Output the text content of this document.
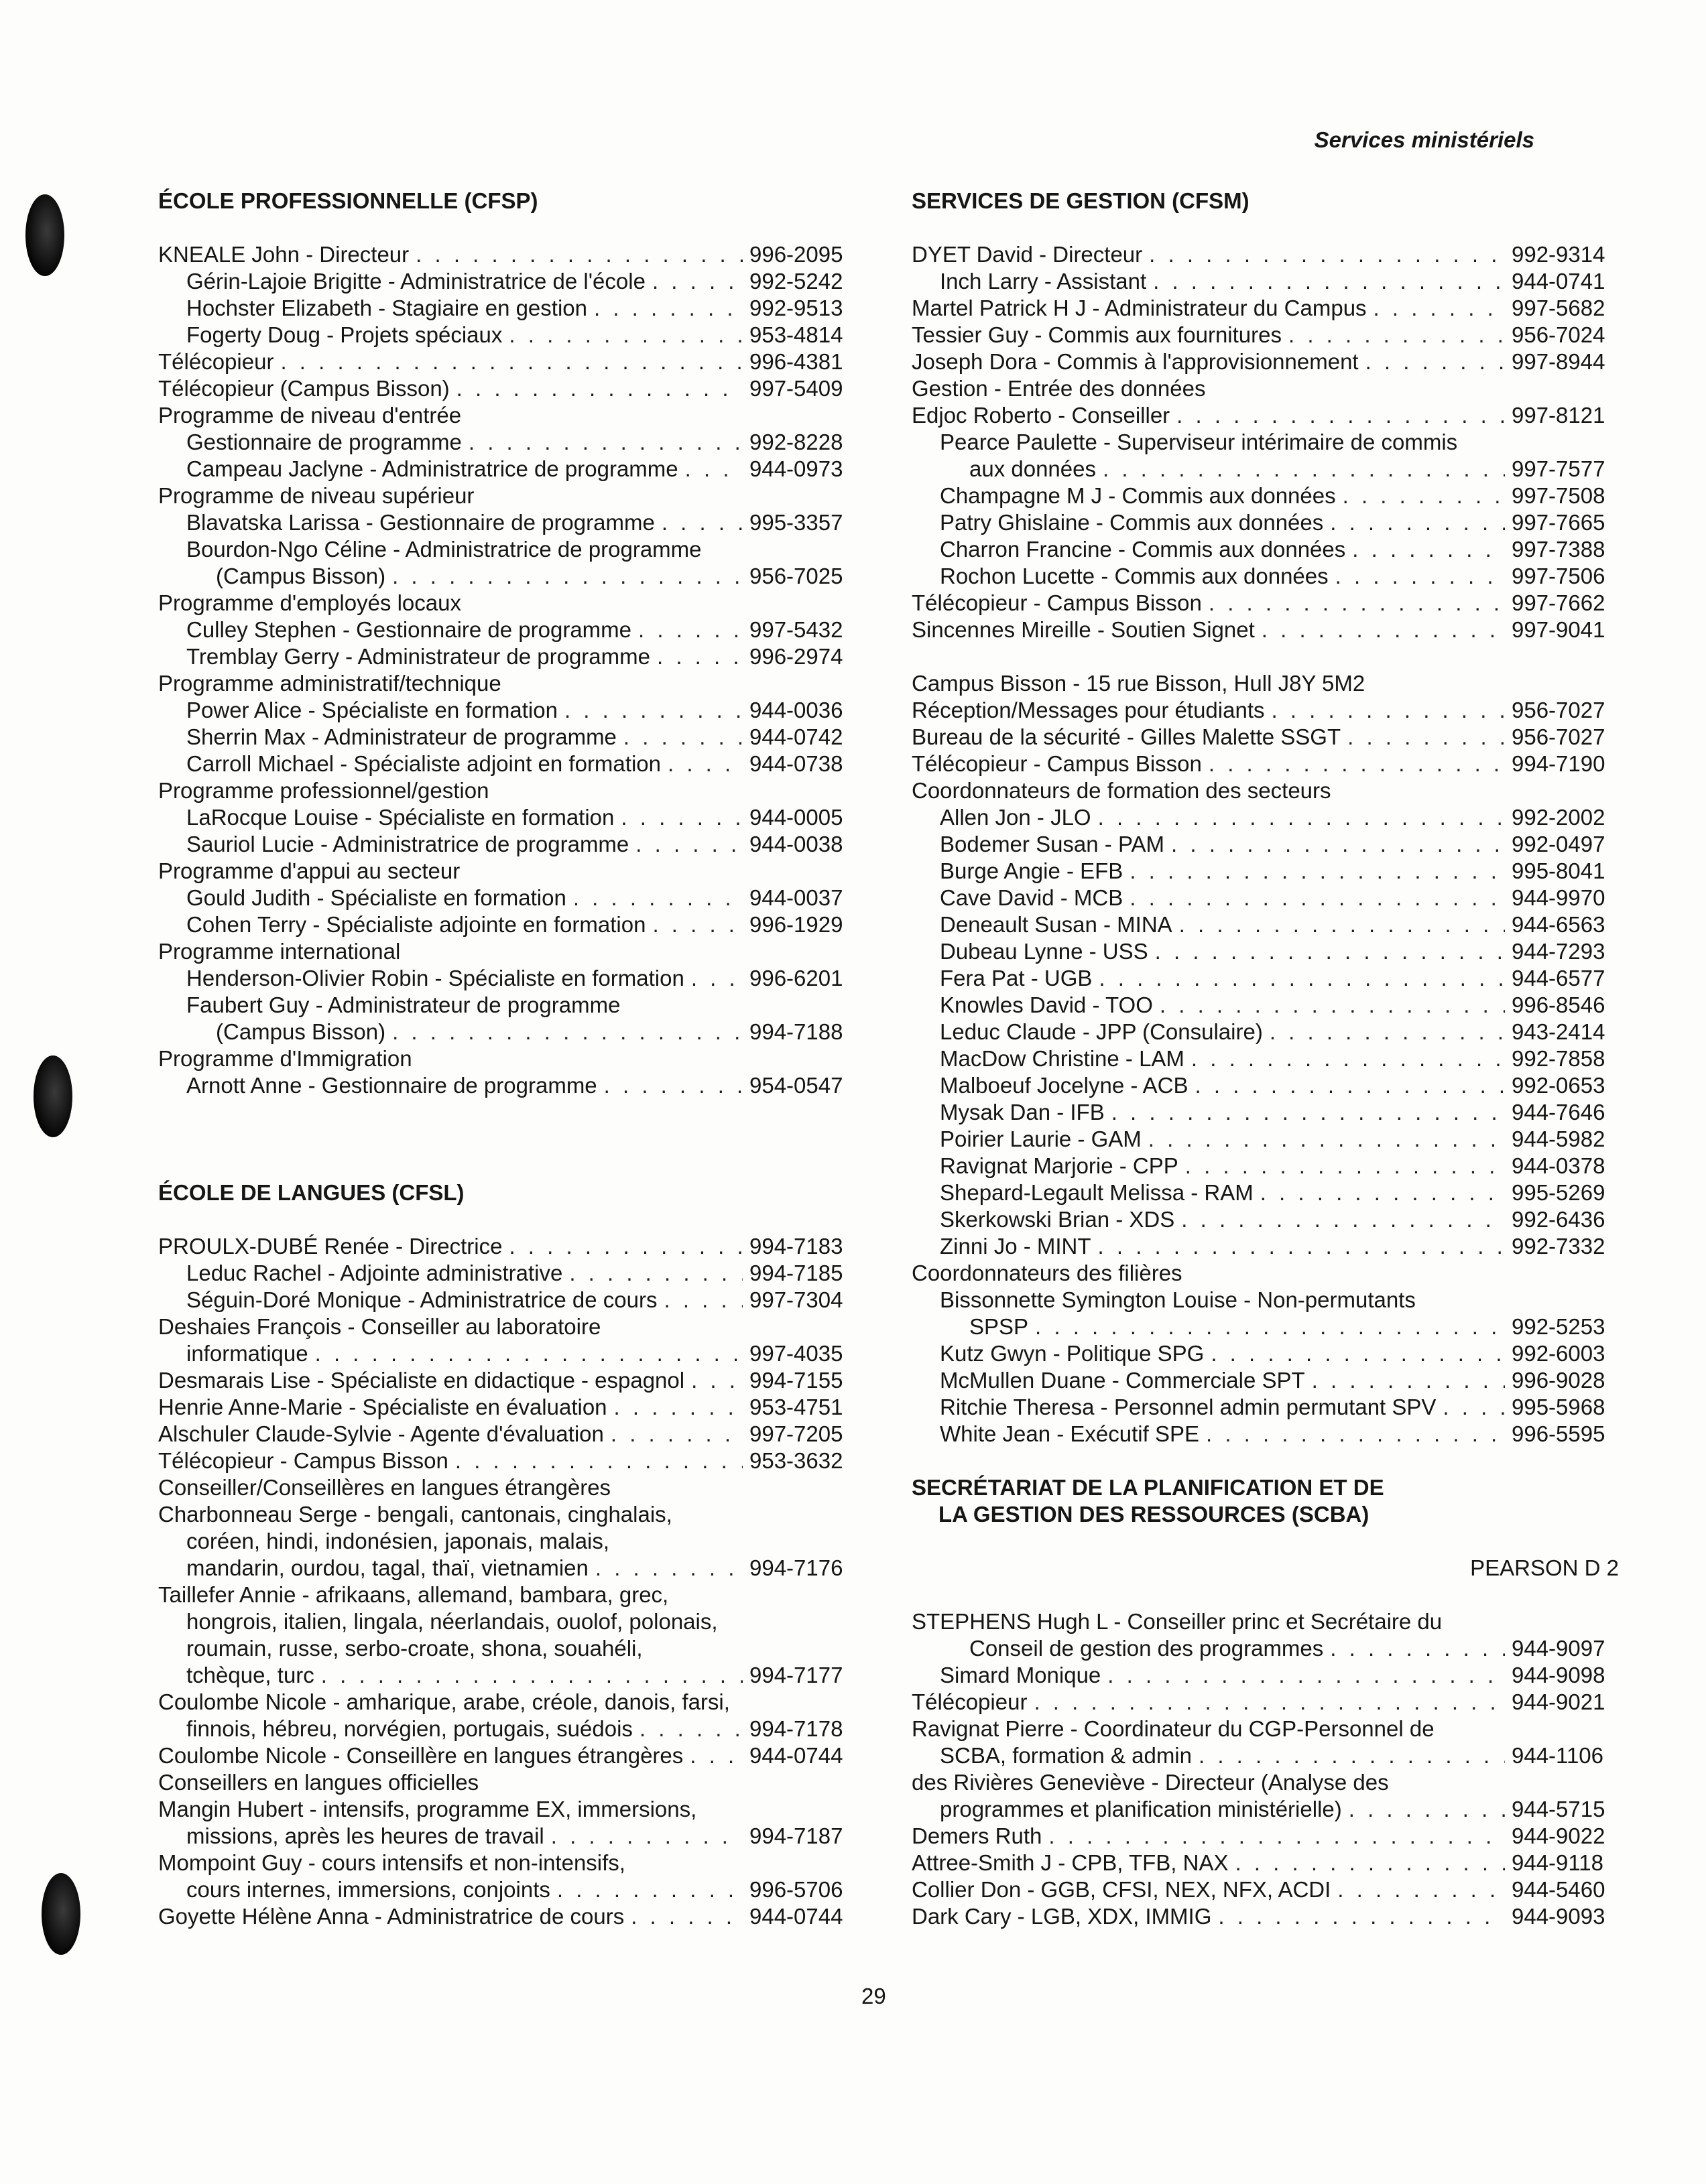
Services ministériels
ÉCOLE PROFESSIONNELLE (CFSP)
KNEALE John - Directeur . . .	996-2095
Gérin-Lajoie Brigitte - Administratrice de l'école . . .	992-5242
Hochster Elizabeth - Stagiaire en gestion . . .	992-9513
Fogerty Doug - Projets spéciaux . . .	953-4814
Télécopieur . . .	996-4381
Télécopieur (Campus Bisson) . . .	997-5409
Programme de niveau d'entrée
Gestionnaire de programme . . .	992-8228
Campeau Jaclyne - Administratrice de programme . . .	944-0973
Programme de niveau supérieur
Blavatska Larissa - Gestionnaire de programme . . .	995-3357
Bourdon-Ngo Céline - Administratrice de programme
(Campus Bisson) . . .	956-7025
Programme d'employés locaux
Culley Stephen - Gestionnaire de programme . . .	997-5432
Tremblay Gerry - Administrateur de programme . . .	996-2974
Programme administratif/technique
Power Alice - Spécialiste en formation . . .	944-0036
Sherrin Max - Administrateur de programme . . .	944-0742
Carroll Michael - Spécialiste adjoint en formation . . .	944-0738
Programme professionnel/gestion
LaRocque Louise - Spécialiste en formation . . .	944-0005
Sauriol Lucie - Administratrice de programme . . .	944-0038
Programme d'appui au secteur
Gould Judith - Spécialiste en formation . . .	944-0037
Cohen Terry - Spécialiste adjointe en formation . . .	996-1929
Programme international
Henderson-Olivier Robin - Spécialiste en formation . . .	996-6201
Faubert Guy - Administrateur de programme
(Campus Bisson) . . .	994-7188
Programme d'Immigration
Arnott Anne - Gestionnaire de programme . . .	954-0547
ÉCOLE DE LANGUES (CFSL)
PROULX-DUBÉ Renée - Directrice . . .	994-7183
Leduc Rachel - Adjointe administrative . . .	994-7185
Séguin-Doré Monique - Administratrice de cours . . .	997-7304
Deshaies François - Conseiller au laboratoire
informatique . . .	997-4035
Desmarais Lise - Spécialiste en didactique - espagnol . . .	994-7155
Henrie Anne-Marie - Spécialiste en évaluation . . .	953-4751
Alschuler Claude-Sylvie - Agente d'évaluation . . .	997-7205
Télécopieur - Campus Bisson . . .	953-3632
Conseiller/Conseillères en langues étrangères
Charbonneau Serge - bengali, cantonais, cinghalais,
coréen, hindi, indonésien, japonais, malais,
mandarin, ourdou, tagal, thaï, vietnamien . . .	994-7176
Taillefer Annie - afrikaans, allemand, bambara, grec,
hongrois, italien, lingala, néerlandais, ouolof, polonais,
roumain, russe, serbo-croate, shona, souahéli,
tchèque, turc . . .	994-7177
Coulombe Nicole - amharique, arabe, créole, danois, farsi,
finnois, hébreu, norvégien, portugais, suédois . . .	994-7178
Coulombe Nicole - Conseillère en langues étrangères . . .	944-0744
Conseillers en langues officielles
Mangin Hubert - intensifs, programme EX, immersions,
missions, après les heures de travail . . .	994-7187
Mompoint Guy - cours intensifs et non-intensifs,
cours internes, immersions, conjoints . . .	996-5706
Goyette Hélène Anna - Administratrice de cours . . .	944-0744
SERVICES DE GESTION (CFSM)
DYET David - Directeur . . .	992-9314
Inch Larry - Assistant . . .	944-0741
Martel Patrick H J - Administrateur du Campus . . .	997-5682
Tessier Guy - Commis aux fournitures . . .	956-7024
Joseph Dora - Commis à l'approvisionnement . . .	997-8944
Gestion - Entrée des données
Edjoc Roberto - Conseiller . . .	997-8121
Pearce Paulette - Superviseur intérimaire de commis
aux données . . .	997-7577
Champagne M J - Commis aux données . . .	997-7508
Patry Ghislaine - Commis aux données . . .	997-7665
Charron Francine - Commis aux données . . .	997-7388
Rochon Lucette - Commis aux données . . .	997-7506
Télécopieur - Campus Bisson . . .	997-7662
Sincennes Mireille - Soutien Signet . . .	997-9041
Campus Bisson - 15 rue Bisson, Hull J8Y 5M2
Réception/Messages pour étudiants . . .	956-7027
Bureau de la sécurité - Gilles Malette SSGT . . .	956-7027
Télécopieur - Campus Bisson . . .	994-7190
Coordonnateurs de formation des secteurs
Allen Jon - JLO . . .	992-2002
Bodemer Susan - PAM . . .	992-0497
Burge Angie - EFB . . .	995-8041
Cave David - MCB . . .	944-9970
Deneault Susan - MINA . . .	944-6563
Dubeau Lynne - USS . . .	944-7293
Fera Pat - UGB . . .	944-6577
Knowles David - TOO . . .	996-8546
Leduc Claude - JPP (Consulaire) . . .	943-2414
MacDow Christine - LAM . . .	992-7858
Malboeuf Jocelyne - ACB . . .	992-0653
Mysak Dan - IFB . . .	944-7646
Poirier Laurie - GAM . . .	944-5982
Ravignat Marjorie - CPP . . .	944-0378
Shepard-Legault Melissa - RAM . . .	995-5269
Skerkowski Brian - XDS . . .	992-6436
Zinni Jo - MINT . . .	992-7332
Coordonnateurs des filières
Bissonnette Symington Louise - Non-permutants
SPSP . . .	992-5253
Kutz Gwyn - Politique SPG . . .	992-6003
McMullen Duane - Commerciale SPT . . .	996-9028
Ritchie Theresa - Personnel admin permutant SPV . . .	995-5968
White Jean - Exécutif SPE . . .	996-5595
SECRÉTARIAT DE LA PLANIFICATION ET DE
LA GESTION DES RESSOURCES (SCBA)
PEARSON D 2
STEPHENS Hugh L - Conseiller princ et Secrétaire du
Conseil de gestion des programmes . . .	944-9097
Simard Monique . . .	944-9098
Télécopieur . . .	944-9021
Ravignat Pierre - Coordinateur du CGP-Personnel de
SCBA, formation & admin . . .	944-1106
des Rivières Geneviève - Directeur (Analyse des
programmes et planification ministérielle) . . .	944-5715
Demers Ruth . . .	944-9022
Attree-Smith J - CPB, TFB, NAX . . .	944-9118
Collier Don - GGB, CFSI, NEX, NFX, ACDI . . .	944-5460
Dark Cary - LGB, XDX, IMMIG . . .	944-9093
29
